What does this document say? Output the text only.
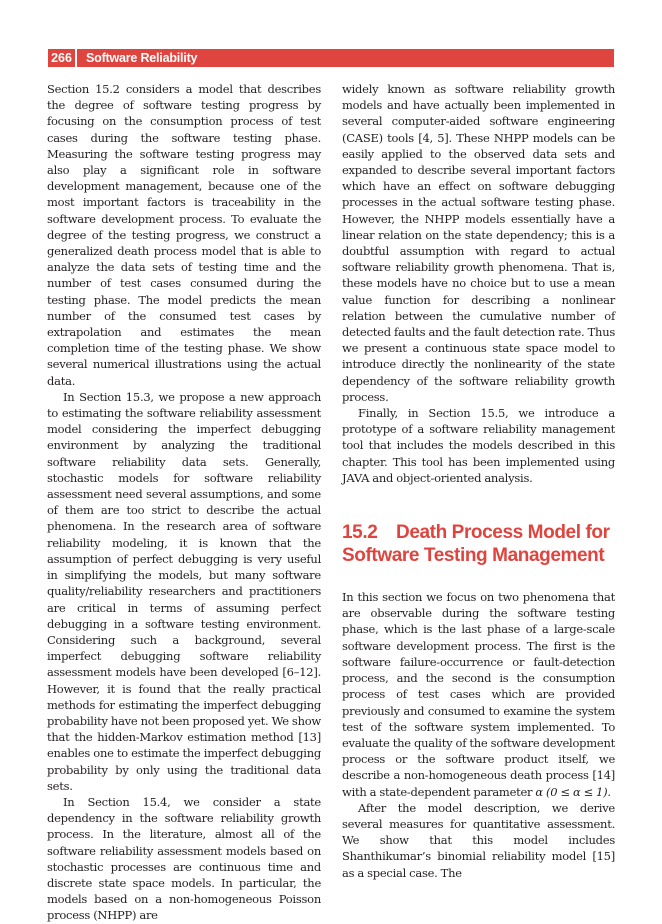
266	Software Reliability

Section 15.2 considers a model that describes the degree of software testing progress by focusing on the consumption process of test cases during the software testing phase. Measuring the software testing progress may also play a significant role in software development management, because one of the most important factors is traceability in the software development process. To evaluate the degree of the testing progress, we construct a generalized death process model that is able to analyze the data sets of testing time and the number of test cases consumed during the testing phase. The model predicts the mean number of the consumed test cases by extrapolation and estimates the mean completion time of the testing phase. We show several numerical illustrations using the actual data.

In Section 15.3, we propose a new approach to estimating the software reliability assessment model considering the imperfect debugging environment by analyzing the traditional software reliability data sets. Generally, stochastic models for software reliability assessment need several assumptions, and some of them are too strict to describe the actual phenomena. In the research area of software reliability modeling, it is known that the assumption of perfect debugging is very useful in simplifying the models, but many software quality/reliability researchers and practitioners are critical in terms of assuming perfect debugging in a software testing environment. Considering such a background, several imperfect debugging software reliability assessment models have been developed [6–12]. However, it is found that the really practical methods for estimating the imperfect debugging probability have not been proposed yet. We show that the hidden-Markov estimation method [13] enables one to estimate the imperfect debugging probability by only using the traditional data sets.

In Section 15.4, we consider a state dependency in the software reliability growth process. In the literature, almost all of the software reliability assessment models based on stochastic processes are continuous time and discrete state space models. In particular, the models based on a non-homogeneous Poisson process (NHPP) are

widely known as software reliability growth models and have actually been implemented in several computer-aided software engineering (CASE) tools [4, 5]. These NHPP models can be easily applied to the observed data sets and expanded to describe several important factors which have an effect on software debugging processes in the actual software testing phase. However, the NHPP models essentially have a linear relation on the state dependency; this is a doubtful assumption with regard to actual software reliability growth phenomena. That is, these models have no choice but to use a mean value function for describing a nonlinear relation between the cumulative number of detected faults and the fault detection rate. Thus we present a continuous state space model to introduce directly the nonlinearity of the state dependency of the software reliability growth process.

Finally, in Section 15.5, we introduce a prototype of a software reliability management tool that includes the models described in this chapter. This tool has been implemented using JAVA and object-oriented analysis.

15.2 Death Process Model for Software Testing Management

In this section we focus on two phenomena that are observable during the software testing phase, which is the last phase of a large-scale software development process. The first is the software failure-occurrence or fault-detection process, and the second is the consumption process of test cases which are provided previously and consumed to examine the system test of the software system implemented. To evaluate the quality of the software development process or the software product itself, we describe a non-homogeneous death process [14] with a state-dependent parameter α (0 ≤ α ≤ 1).

After the model description, we derive several measures for quantitative assessment. We show that this model includes Shanthikumar’s binomial reliability model [15] as a special case. The
